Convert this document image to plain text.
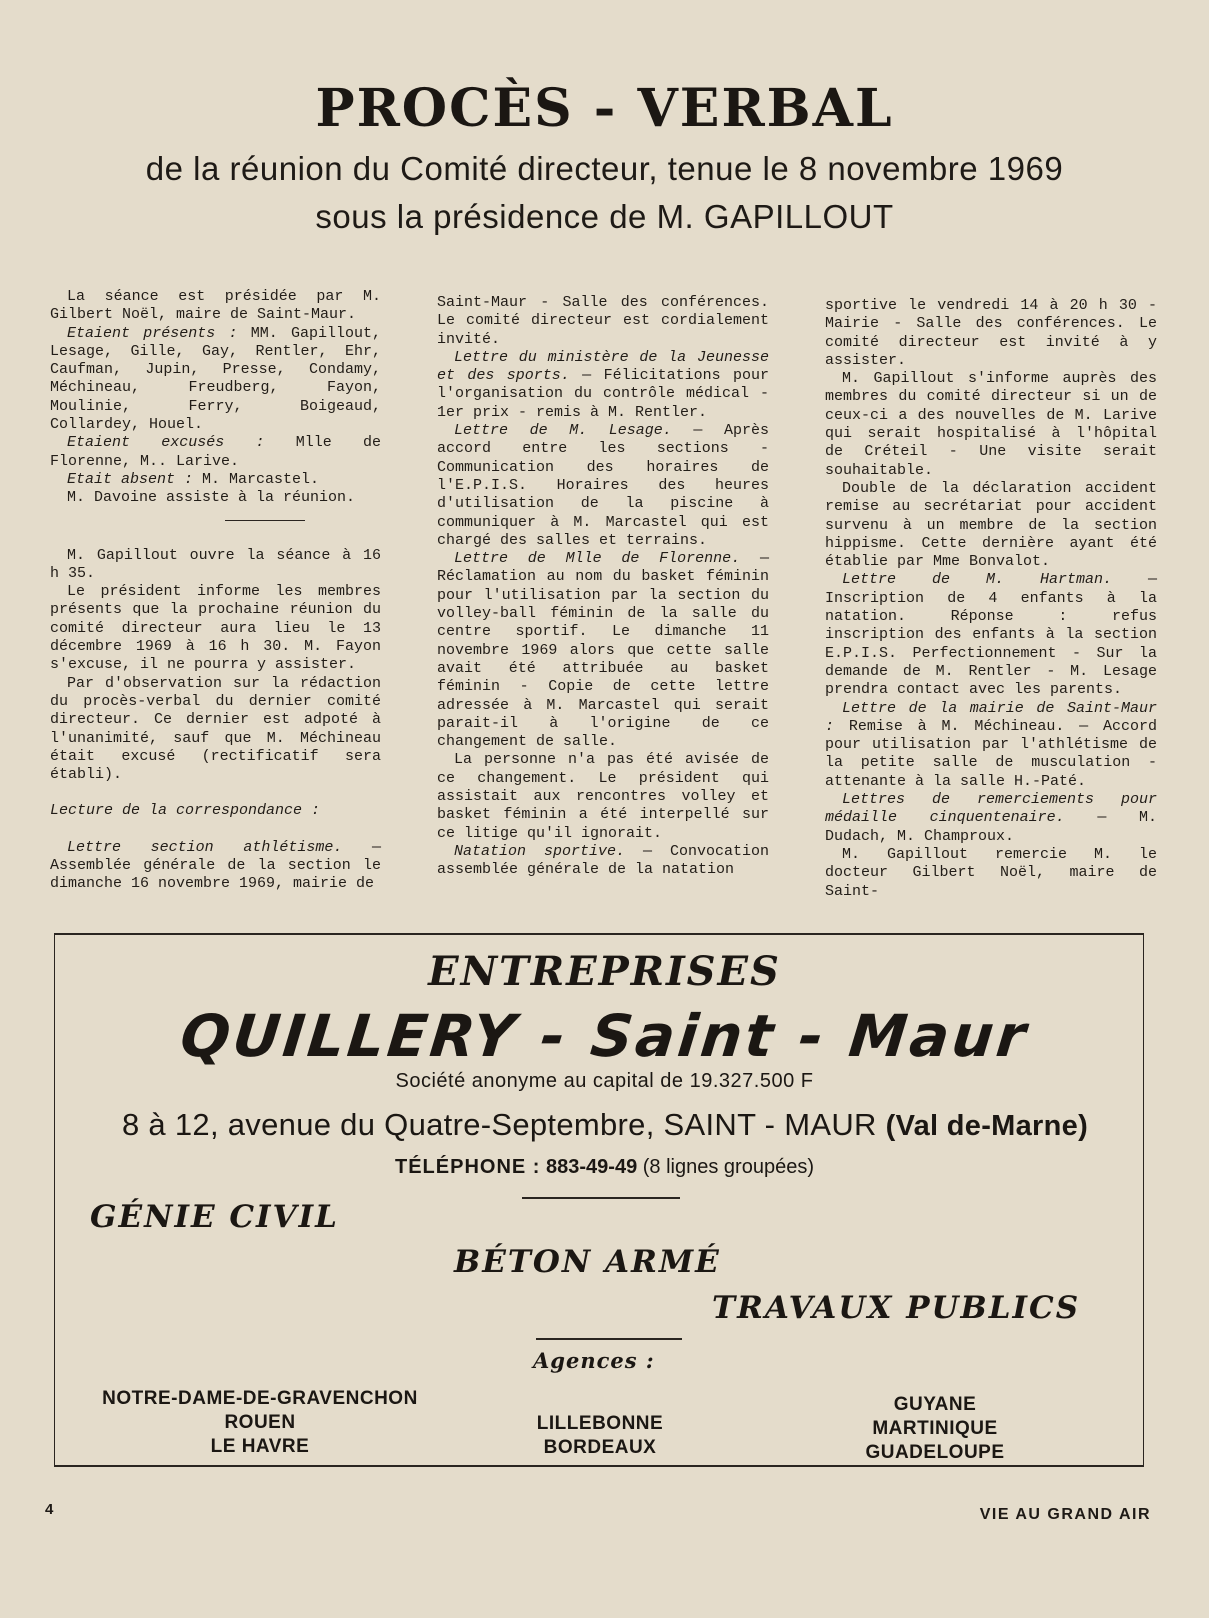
PROCÈS - VERBAL
de la réunion du Comité directeur, tenue le 8 novembre 1969
sous la présidence de M. GAPILLOUT

La séance est présidée par M. Gilbert Noël, maire de Saint-Maur.

Etaient présents : MM. Gapillout, Lesage, Gille, Gay, Rentler, Ehr, Caufman, Jupin, Presse, Condamy, Méchineau, Freudberg, Fayon, Moulinie, Ferry, Boigeaud, Collardey, Houel.

Etaient excusés : Mlle de Florenne, M.. Larive.

Etait absent : M. Marcastel.

M. Davoine assiste à la réunion.

M. Gapillout ouvre la séance à 16 h 35.

Le président informe les membres présents que la prochaine réunion du comité directeur aura lieu le 13 décembre 1969 à 16 h 30. M. Fayon s'excuse, il ne pourra y assister.

Par d'observation sur la rédaction du procès-verbal du dernier comité directeur. Ce dernier est adpoté à l'unanimité, sauf que M. Méchineau était excusé (rectificatif sera établi).

Lecture de la correspondance :

Lettre section athlétisme. — Assemblée générale de la section le dimanche 16 novembre 1969, mairie de

Saint-Maur - Salle des conférences. Le comité directeur est cordialement invité.

Lettre du ministère de la Jeunesse et des sports. — Félicitations pour l'organisation du contrôle médical - 1er prix - remis à M. Rentler.

Lettre de M. Lesage. — Après accord entre les sections - Communication des horaires de l'E.P.I.S. Horaires des heures d'utilisation de la piscine à communiquer à M. Marcastel qui est chargé des salles et terrains.

Lettre de Mlle de Florenne. — Réclamation au nom du basket féminin pour l'utilisation par la section du volley-ball féminin de la salle du centre sportif. Le dimanche 11 novembre 1969 alors que cette salle avait été attribuée au basket féminin - Copie de cette lettre adressée à M. Marcastel qui serait parait-il à l'origine de ce changement de salle.

La personne n'a pas été avisée de ce changement. Le président qui assistait aux rencontres volley et basket féminin a été interpellé sur ce litige qu'il ignorait.

Natation sportive. — Convocation assemblée générale de la natation

sportive le vendredi 14 à 20 h 30 - Mairie - Salle des conférences. Le comité directeur est invité à y assister.

M. Gapillout s'informe auprès des membres du comité directeur si un de ceux-ci a des nouvelles de M. Larive qui serait hospitalisé à l'hôpital de Créteil - Une visite serait souhaitable.

Double de la déclaration accident remise au secrétariat pour accident survenu à un membre de la section hippisme. Cette dernière ayant été établie par Mme Bonvalot.

Lettre de M. Hartman. — Inscription de 4 enfants à la natation. Réponse : refus inscription des enfants à la section E.P.I.S. Perfectionnement - Sur la demande de M. Rentler - M. Lesage prendra contact avec les parents.

Lettre de la mairie de Saint-Maur : Remise à M. Méchineau. — Accord pour utilisation par l'athlétisme de la petite salle de musculation - attenante à la salle H.-Paté.

Lettres de remerciements pour médaille cinquentenaire. — M. Dudach, M. Champroux.

M. Gapillout remercie M. le docteur Gilbert Noël, maire de Saint-

ENTREPRISES
QUILLERY - Saint - Maur
Société anonyme au capital de 19.327.500 F
8 à 12, avenue du Quatre-Septembre, SAINT - MAUR (Val de-Marne)
TÉLÉPHONE : 883-49-49 (8 lignes groupées)
GÉNIE CIVIL
BÉTON ARMÉ
TRAVAUX PUBLICS
Agences :
NOTRE-DAME-DE-GRAVENCHON
ROUEN
LE HAVRE
LILLEBONNE
BORDEAUX
GUYANE
MARTINIQUE
GUADELOUPE
4	VIE AU GRAND AIR
